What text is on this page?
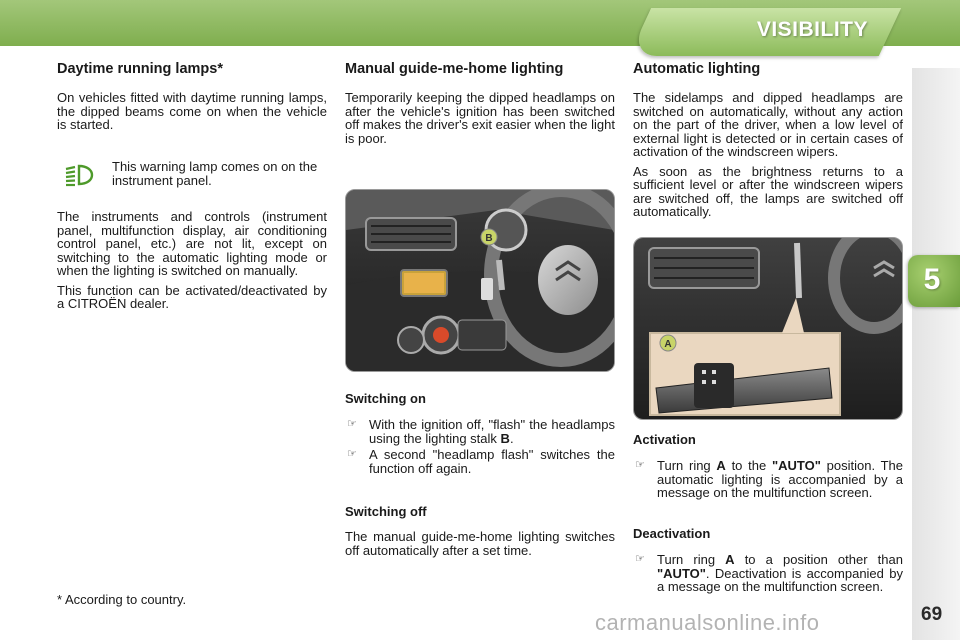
VISIBILITY
5
Daytime running lamps*

On vehicles fitted with daytime running lamps, the dipped beams come on when the vehicle is started.

This warning lamp comes on on the instrument panel.

The instruments and controls (instrument panel, multifunction display, air conditioning control panel, etc.) are not lit, except on switching to the automatic lighting mode or when the lighting is switched on manually.

This function can be activated/deactivated by a CITROËN dealer.

* According to country.
Manual guide-me-home lighting

Temporarily keeping the dipped headlamps on after the vehicle's ignition has been switched off makes the driver's exit easier when the light is poor.

B
Switching on
☞ With the ignition off, "flash" the headlamps using the lighting stalk B.
☞ A second "headlamp flash" switches the function off again.
Switching off

The manual guide-me-home lighting switches off automatically after a set time.

Automatic lighting

The sidelamps and dipped headlamps are switched on automatically, without any action on the part of the driver, when a low level of external light is detected or in certain cases of activation of the windscreen wipers.

As soon as the brightness returns to a sufficient level or after the windscreen wipers are switched off, the lamps are switched off automatically.

A
Activation
☞ Turn ring A to the "AUTO" position. The automatic lighting is accompanied by a message on the multifunction screen.
Deactivation
☞ Turn ring A to a position other than "AUTO". Deactivation is accompanied by a message on the multifunction screen.
carmanualsonline.info	69
